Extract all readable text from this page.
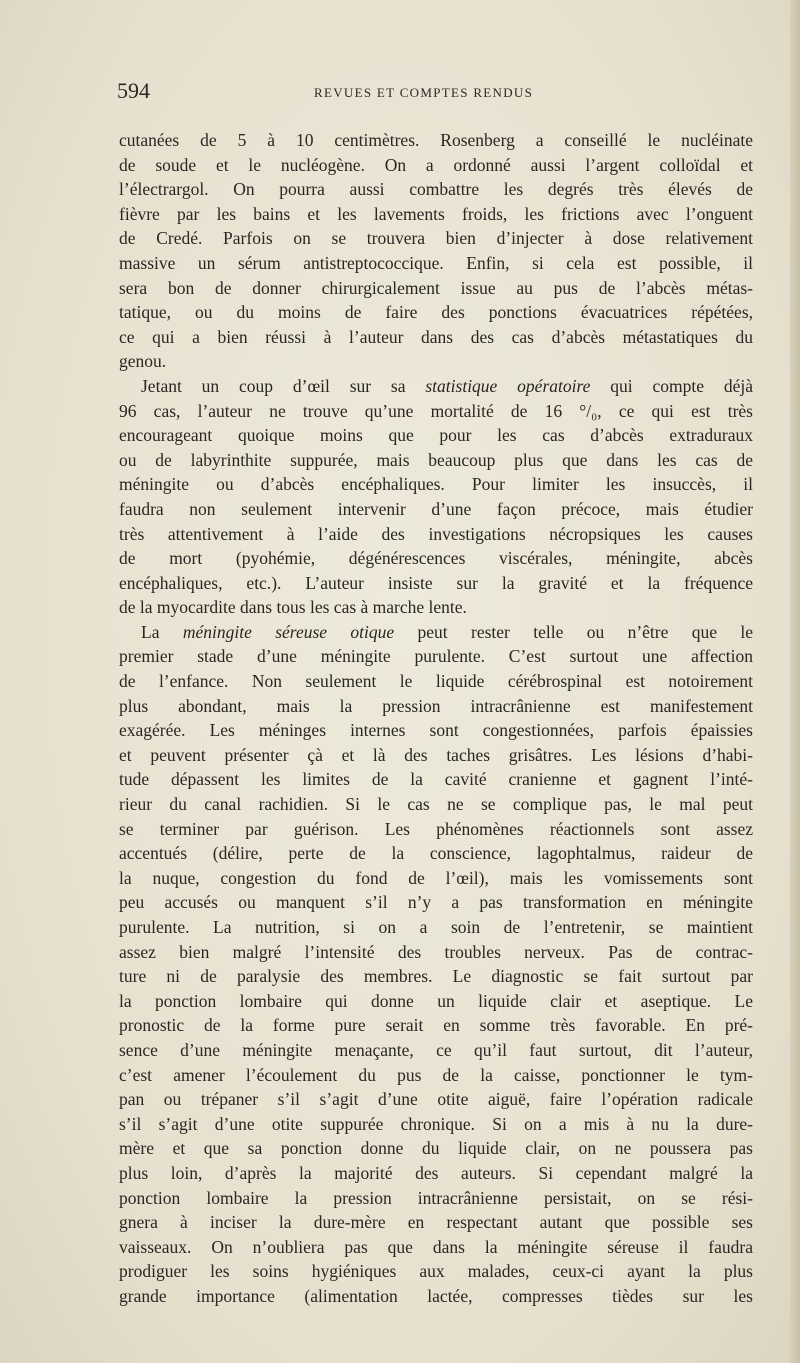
594	REVUES ET COMPTES RENDUS
cutanées de 5 à 10 centimètres. Rosenberg a conseillé le nucléinate
de soude et le nucléogène. On a ordonné aussi l’argent colloïdal et
l’électrargol. On pourra aussi combattre les degrés très élevés de
fièvre par les bains et les lavements froids, les frictions avec l’onguent
de Credé. Parfois on se trouvera bien d’injecter à dose relativement
massive un sérum antistreptococcique. Enfin, si cela est possible, il
sera bon de donner chirurgicalement issue au pus de l’abcès métas-
tatique, ou du moins de faire des ponctions évacuatrices répétées,
ce qui a bien réussi à l’auteur dans des cas d’abcès métastatiques du
genou.
Jetant un coup d’œil sur sa statistique opératoire qui compte déjà
96 cas, l’auteur ne trouve qu’une mortalité de 16 °/₀, ce qui est très
encourageant quoique moins que pour les cas d’abcès extraduraux
ou de labyrinthite suppurée, mais beaucoup plus que dans les cas de
méningite ou d’abcès encéphaliques. Pour limiter les insuccès, il
faudra non seulement intervenir d’une façon précoce, mais étudier
très attentivement à l’aide des investigations nécropsiques les causes
de mort (pyohémie, dégénérescences viscérales, méningite, abcès
encéphaliques, etc.). L’auteur insiste sur la gravité et la fréquence
de la myocardite dans tous les cas à marche lente.
La méningite séreuse otique peut rester telle ou n’être que le
premier stade d’une méningite purulente. C’est surtout une affection
de l’enfance. Non seulement le liquide cérébrospinal est notoirement
plus abondant, mais la pression intracrânienne est manifestement
exagérée. Les méninges internes sont congestionnées, parfois épaissies
et peuvent présenter çà et là des taches grisâtres. Les lésions d’habi-
tude dépassent les limites de la cavité cranienne et gagnent l’inté-
rieur du canal rachidien. Si le cas ne se complique pas, le mal peut
se terminer par guérison. Les phénomènes réactionnels sont assez
accentués (délire, perte de la conscience, lagophtalmus, raideur de
la nuque, congestion du fond de l’œil), mais les vomissements sont
peu accusés ou manquent s’il n’y a pas transformation en méningite
purulente. La nutrition, si on a soin de l’entretenir, se maintient
assez bien malgré l’intensité des troubles nerveux. Pas de contrac-
ture ni de paralysie des membres. Le diagnostic se fait surtout par
la ponction lombaire qui donne un liquide clair et aseptique. Le
pronostic de la forme pure serait en somme très favorable. En pré-
sence d’une méningite menaçante, ce qu’il faut surtout, dit l’auteur,
c’est amener l’écoulement du pus de la caisse, ponctionner le tym-
pan ou trépaner s’il s’agit d’une otite aiguë, faire l’opération radicale
s’il s’agit d’une otite suppurée chronique. Si on a mis à nu la dure-
mère et que sa ponction donne du liquide clair, on ne poussera pas
plus loin, d’après la majorité des auteurs. Si cependant malgré la
ponction lombaire la pression intracrânienne persistait, on se rési-
gnera à inciser la dure-mère en respectant autant que possible ses
vaisseaux. On n’oubliera pas que dans la méningite séreuse il faudra
prodiguer les soins hygiéniques aux malades, ceux-ci ayant la plus
grande importance (alimentation lactée, compresses tièdes sur les
